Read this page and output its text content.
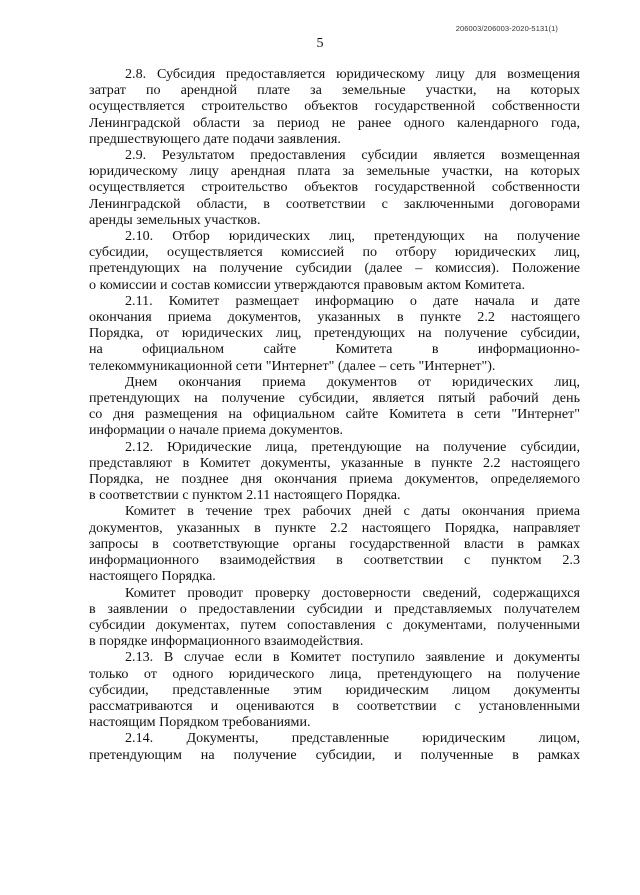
206003/206003-2020-5131(1)
5
2.8. Субсидия предоставляется юридическому лицу для возмещения
затрат по арендной плате за земельные участки, на которых
осуществляется строительство объектов государственной собственности
Ленинградской области за период не ранее одного календарного года,
предшествующего дате подачи заявления.
2.9. Результатом предоставления субсидии является возмещенная
юридическому лицу арендная плата за земельные участки, на которых
осуществляется строительство объектов государственной собственности
Ленинградской области, в соответствии с заключенными договорами
аренды земельных участков.
2.10. Отбор юридических лиц, претендующих на получение
субсидии, осуществляется комиссией по отбору юридических лиц,
претендующих на получение субсидии (далее – комиссия). Положение
о комиссии и состав комиссии утверждаются правовым актом Комитета.
2.11. Комитет размещает информацию о дате начала и дате
окончания приема документов, указанных в пункте 2.2 настоящего
Порядка, от юридических лиц, претендующих на получение субсидии,
на официальном сайте Комитета в информационно-
телекоммуникационной сети "Интернет" (далее – сеть "Интернет").
Днем окончания приема документов от юридических лиц,
претендующих на получение субсидии, является пятый рабочий день
со дня размещения на официальном сайте Комитета в сети "Интернет"
информации о начале приема документов.
2.12. Юридические лица, претендующие на получение субсидии,
представляют в Комитет документы, указанные в пункте 2.2 настоящего
Порядка, не позднее дня окончания приема документов, определяемого
в соответствии с пунктом 2.11 настоящего Порядка.
Комитет в течение трех рабочих дней с даты окончания приема
документов, указанных в пункте 2.2 настоящего Порядка, направляет
запросы в соответствующие органы государственной власти в рамках
информационного взаимодействия в соответствии с пунктом 2.3
настоящего Порядка.
Комитет проводит проверку достоверности сведений, содержащихся
в заявлении о предоставлении субсидии и представляемых получателем
субсидии документах, путем сопоставления с документами, полученными
в порядке информационного взаимодействия.
2.13. В случае если в Комитет поступило заявление и документы
только от одного юридического лица, претендующего на получение
субсидии, представленные этим юридическим лицом документы
рассматриваются и оцениваются в соответствии с установленными
настоящим Порядком требованиями.
2.14. Документы, представленные юридическим лицом,
претендующим на получение субсидии, и полученные в рамках
